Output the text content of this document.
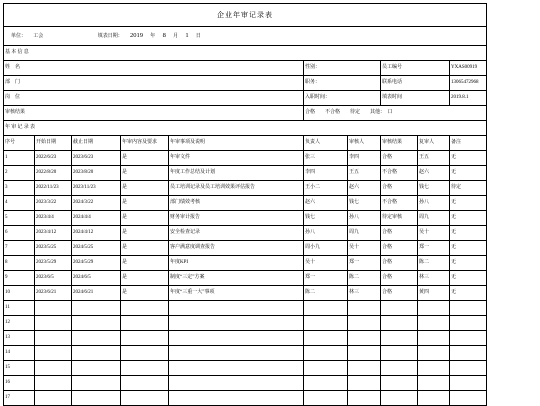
企业年审记录表									
单位： 工会 填表日期： 2019 年 8 月 1 日									
基 本 信 息									
姓　名					性别：		员工编号		YXAS00919
部　门					职务：		联系电话		13065472968
岗　位					入职时间：		填表时间		2019.8.1
审核结果					合格　　不合格　　待定　　其他：　口				
年 审 记 录 表									
序号	开始日期	截止日期	年审内容及要求	年审事项及说明	负责人	审核人	审核结果	复审人	备注
1	2022/6/23	2023/6/23	是	年审文件	张三	李四	合格	王五	无
2	2022/8/20	2023/8/20	是	年度工作总结及计划	李四	王五	不合格	赵六	无
3	2022/11/23	2023/11/23	是	员工培训记录及员工培训效果评估报告	王小二	赵六	合格	钱七	待定
4	2023/3/22	2024/3/22	是	部门绩效考核	赵六	钱七	不合格	孙八	无
5	2023/4/4	2024/4/4	是	财务审计报告	钱七	孙八	待定审核	周九	无
6	2023/4/12	2024/4/12	是	安全检查记录	孙八	周九	合格	吴十	无
7	2023/5/25	2024/5/25	是	客户满意度调查报告	周小九	吴十	合格	郑一	无
8	2023/5/29	2024/5/29	是	年度KPI	吴十	郑一	合格	陈二	无
9	2023/6/5	2024/6/5	是	制度“三定”方案	郑一	陈二	合格	林三	无
10	2023/6/21	2024/6/21	是	年度“三重一大”事项	陈二	林三	合格	黄四	无
11									
12									
13									
14									
15									
16									
17									
